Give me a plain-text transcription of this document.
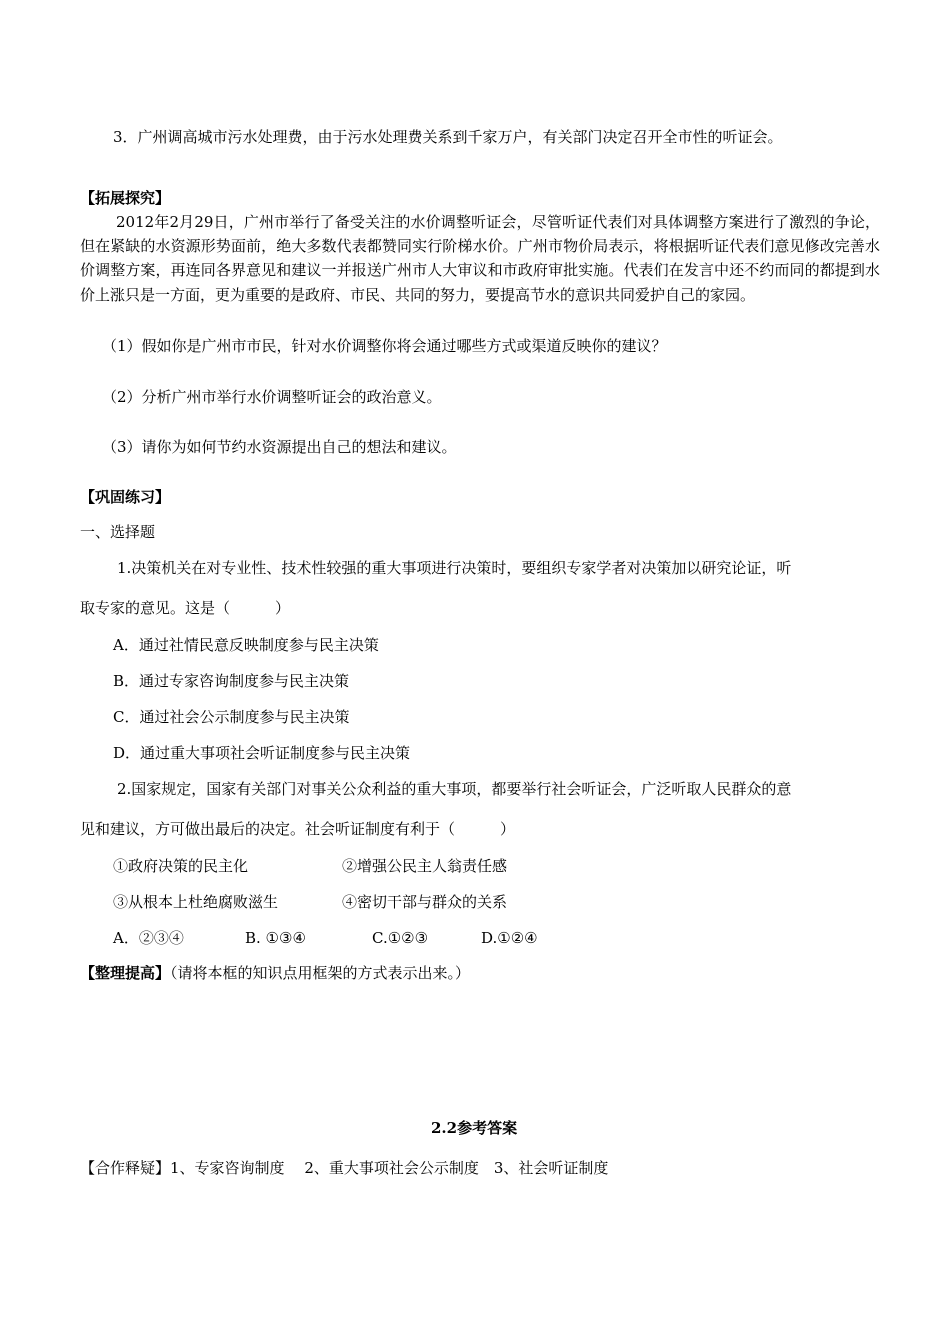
3．广州调高城市污水处理费，由于污水处理费关系到千家万户，有关部门决定召开全市性的听证会。
【拓展探究】
2012年2月29日，广州市举行了备受关注的水价调整听证会，尽管听证代表们对具体调整方案进行了激烈的争论，但在紧缺的水资源形势面前，绝大多数代表都赞同实行阶梯水价。广州市物价局表示，将根据听证代表们意见修改完善水价调整方案，再连同各界意见和建议一并报送广州市人大审议和市政府审批实施。代表们在发言中还不约而同的都提到水价上涨只是一方面，更为重要的是政府、市民、共同的努力，要提高节水的意识共同爱护自己的家园。
（1）假如你是广州市市民，针对水价调整你将会通过哪些方式或渠道反映你的建议？
（2）分析广州市举行水价调整听证会的政治意义。
（3）请你为如何节约水资源提出自己的想法和建议。
【巩固练习】
一、选择题
1.决策机关在对专业性、技术性较强的重大事项进行决策时，要组织专家学者对决策加以研究论证，听
取专家的意见。这是（　　　）
A．通过社情民意反映制度参与民主决策
B．通过专家咨询制度参与民主决策
C．通过社会公示制度参与民主决策
D．通过重大事项社会听证制度参与民主决策
2.国家规定，国家有关部门对事关公众利益的重大事项，都要举行社会听证会，广泛听取人民群众的意
见和建议，方可做出最后的决定。社会听证制度有利于（　　　）
①政府决策的民主化	②增强公民主人翁责任感
③从根本上杜绝腐败滋生	④密切干部与群众的关系
A．②③④	B. ①③④	C.①②③	D.①②④
【整理提高】（请将本框的知识点用框架的方式表示出来。）
2.2参考答案
【合作释疑】1、专家咨询制度　 2、重大事项社会公示制度　3、社会听证制度
